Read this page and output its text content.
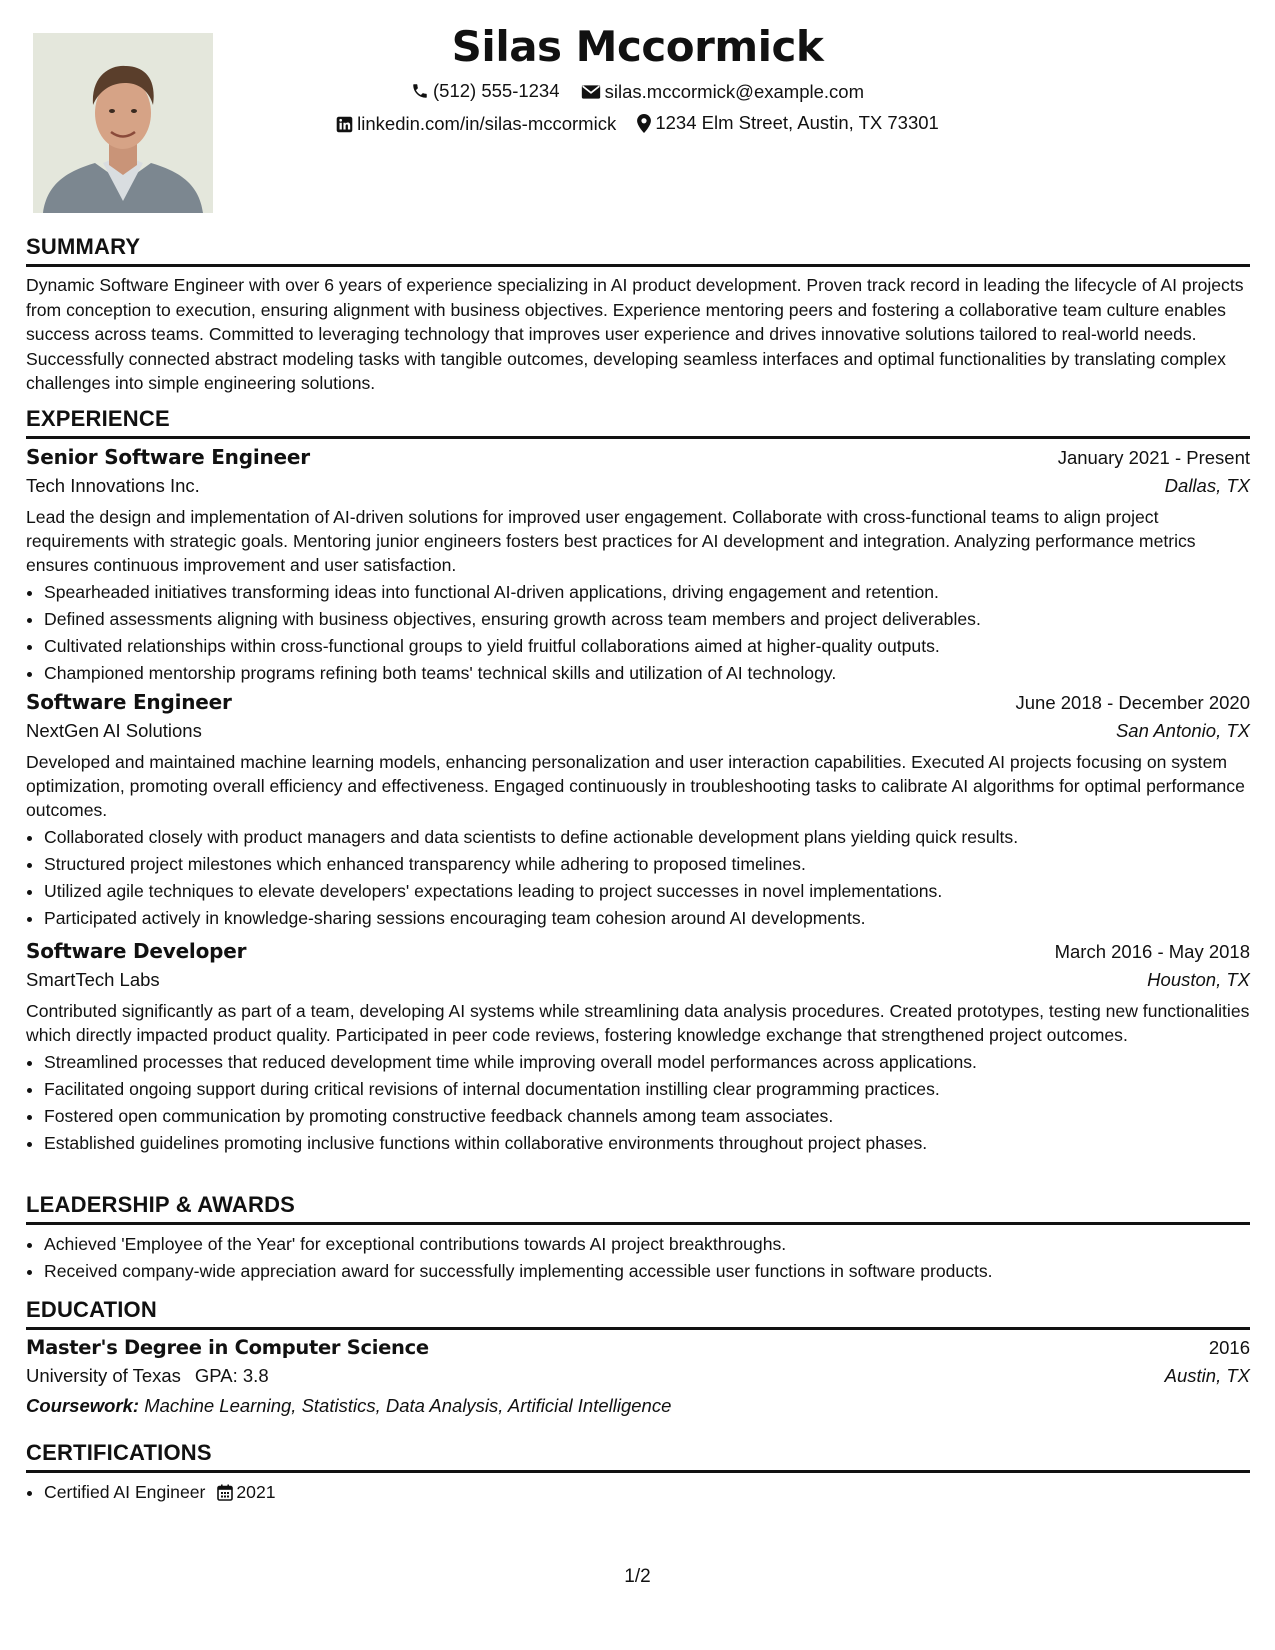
Silas Mccormick
(512) 555-1234
silas.mccormick@example.com
linkedin.com/in/silas-mccormick
1234 Elm Street, Austin, TX 73301
SUMMARY

Dynamic Software Engineer with over 6 years of experience specializing in AI product development. Proven track record in leading the lifecycle of AI projects from conception to execution, ensuring alignment with business objectives. Experience mentoring peers and fostering a collaborative team culture enables success across teams. Committed to leveraging technology that improves user experience and drives innovative solutions tailored to real-world needs. Successfully connected abstract modeling tasks with tangible outcomes, developing seamless interfaces and optimal functionalities by translating complex challenges into simple engineering solutions.

EXPERIENCE
Senior Software Engineer	January 2021 - Present
Tech Innovations Inc.	Dallas, TX

Lead the design and implementation of AI-driven solutions for improved user engagement. Collaborate with cross-functional teams to align project requirements with strategic goals. Mentoring junior engineers fosters best practices for AI development and integration. Analyzing performance metrics ensures continuous improvement and user satisfaction.

• Spearheaded initiatives transforming ideas into functional AI-driven applications, driving engagement and retention.
• Defined assessments aligning with business objectives, ensuring growth across team members and project deliverables.
• Cultivated relationships within cross-functional groups to yield fruitful collaborations aimed at higher-quality outputs.
• Championed mentorship programs refining both teams' technical skills and utilization of AI technology.
Software Engineer	June 2018 - December 2020
NextGen AI Solutions	San Antonio, TX

Developed and maintained machine learning models, enhancing personalization and user interaction capabilities. Executed AI projects focusing on system optimization, promoting overall efficiency and effectiveness. Engaged continuously in troubleshooting tasks to calibrate AI algorithms for optimal performance outcomes.

• Collaborated closely with product managers and data scientists to define actionable development plans yielding quick results.
• Structured project milestones which enhanced transparency while adhering to proposed timelines.
• Utilized agile techniques to elevate developers' expectations leading to project successes in novel implementations.
• Participated actively in knowledge-sharing sessions encouraging team cohesion around AI developments.
Software Developer	March 2016 - May 2018
SmartTech Labs	Houston, TX

Contributed significantly as part of a team, developing AI systems while streamlining data analysis procedures. Created prototypes, testing new functionalities which directly impacted product quality. Participated in peer code reviews, fostering knowledge exchange that strengthened project outcomes.

• Streamlined processes that reduced development time while improving overall model performances across applications.
• Facilitated ongoing support during critical revisions of internal documentation instilling clear programming practices.
• Fostered open communication by promoting constructive feedback channels among team associates.
• Established guidelines promoting inclusive functions within collaborative environments throughout project phases.
LEADERSHIP & AWARDS
• Achieved 'Employee of the Year' for exceptional contributions towards AI project breakthroughs.
• Received company-wide appreciation award for successfully implementing accessible user functions in software products.
EDUCATION
Master's Degree in Computer Science	2016
University of Texas GPA: 3.8	Austin, TX
Coursework: Machine Learning, Statistics, Data Analysis, Artificial Intelligence
CERTIFICATIONS
• Certified AI Engineer 2021
1/2
